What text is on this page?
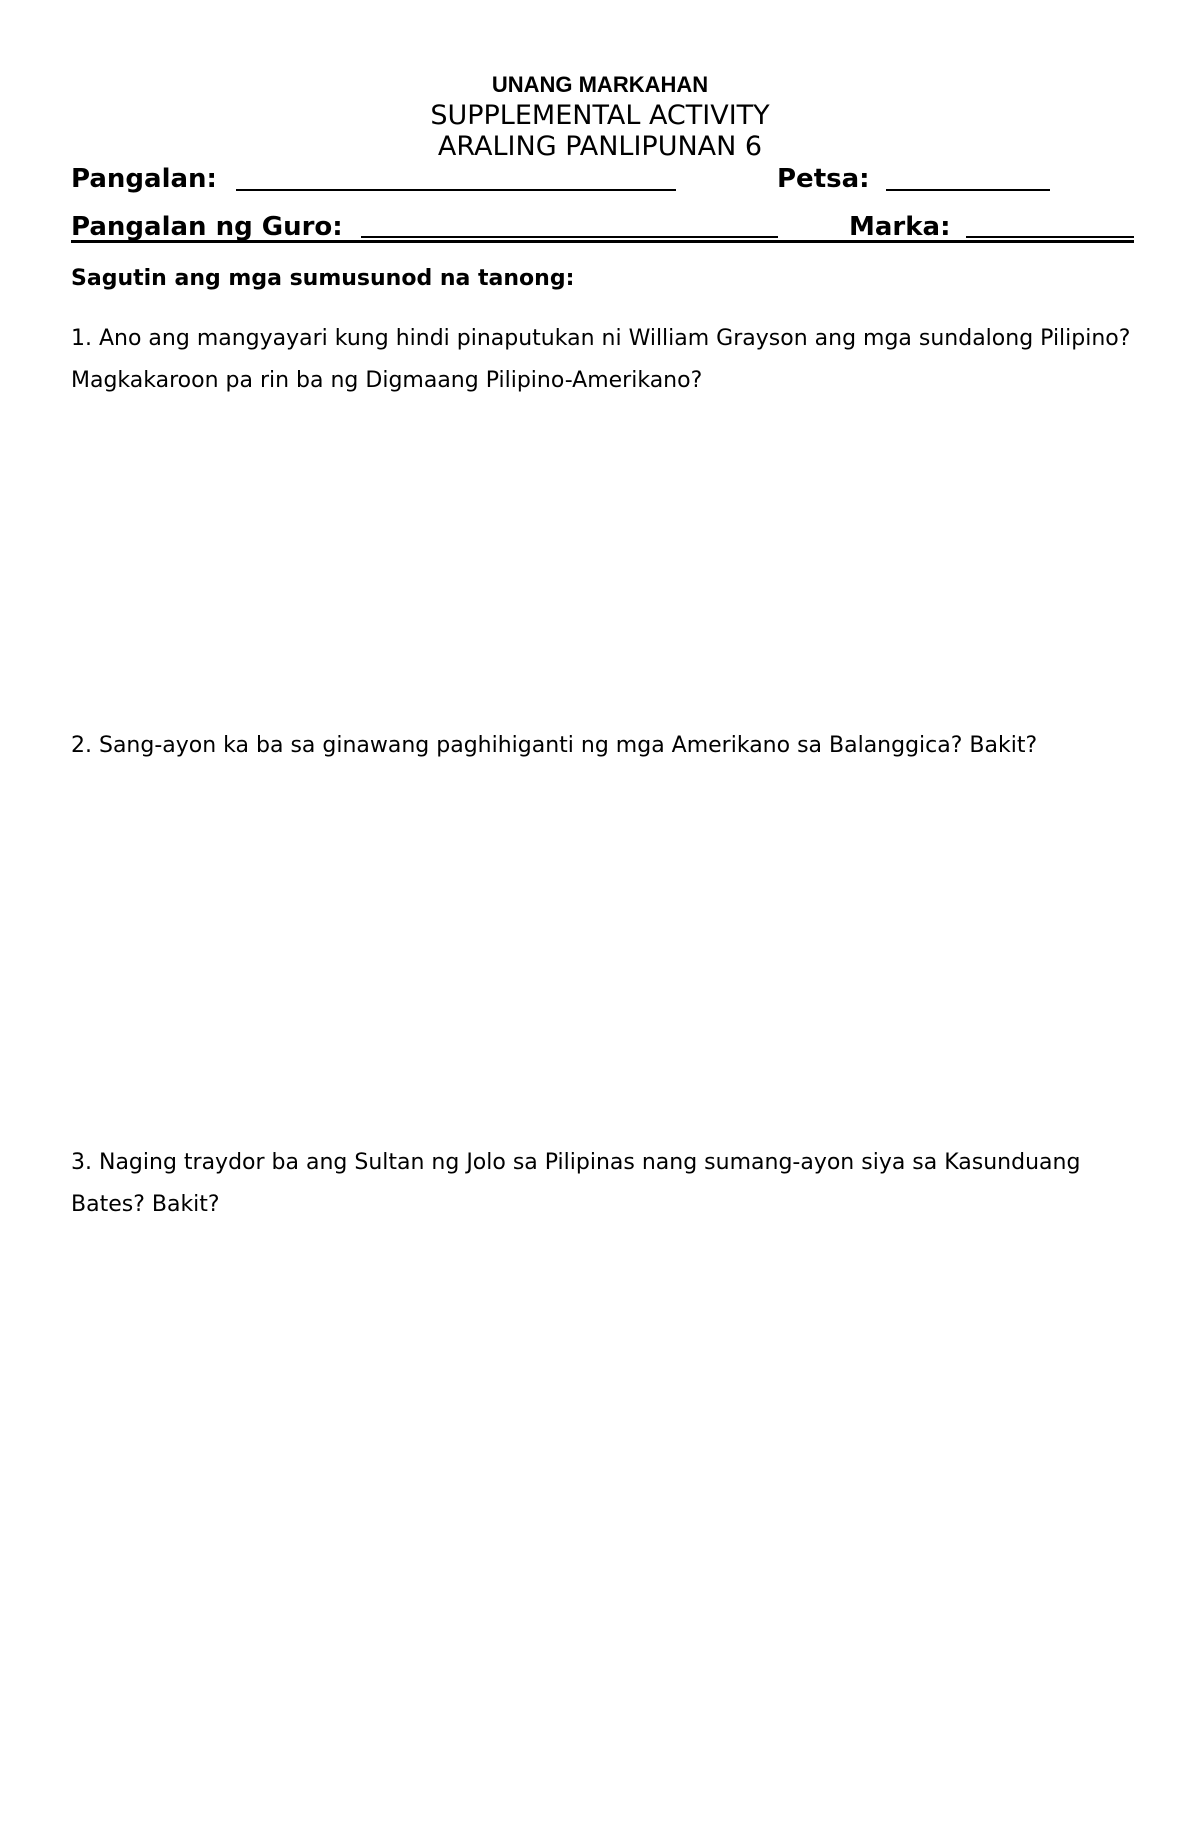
UNANG MARKAHAN
SUPPLEMENTAL ACTIVITY
ARALING PANLIPUNAN 6
Pangalan:	Petsa:
Pangalan ng Guro:	Marka:
Sagutin ang mga sumusunod na tanong:
1. Ano ang mangyayari kung hindi pinaputukan ni William Grayson ang mga sundalong Pilipino? Magkakaroon pa rin ba ng Digmaang Pilipino-Amerikano?
2. Sang-ayon ka ba sa ginawang paghihiganti ng mga Amerikano sa Balanggica? Bakit?
3. Naging traydor ba ang Sultan ng Jolo sa Pilipinas nang sumang-ayon siya sa Kasunduang Bates? Bakit?
